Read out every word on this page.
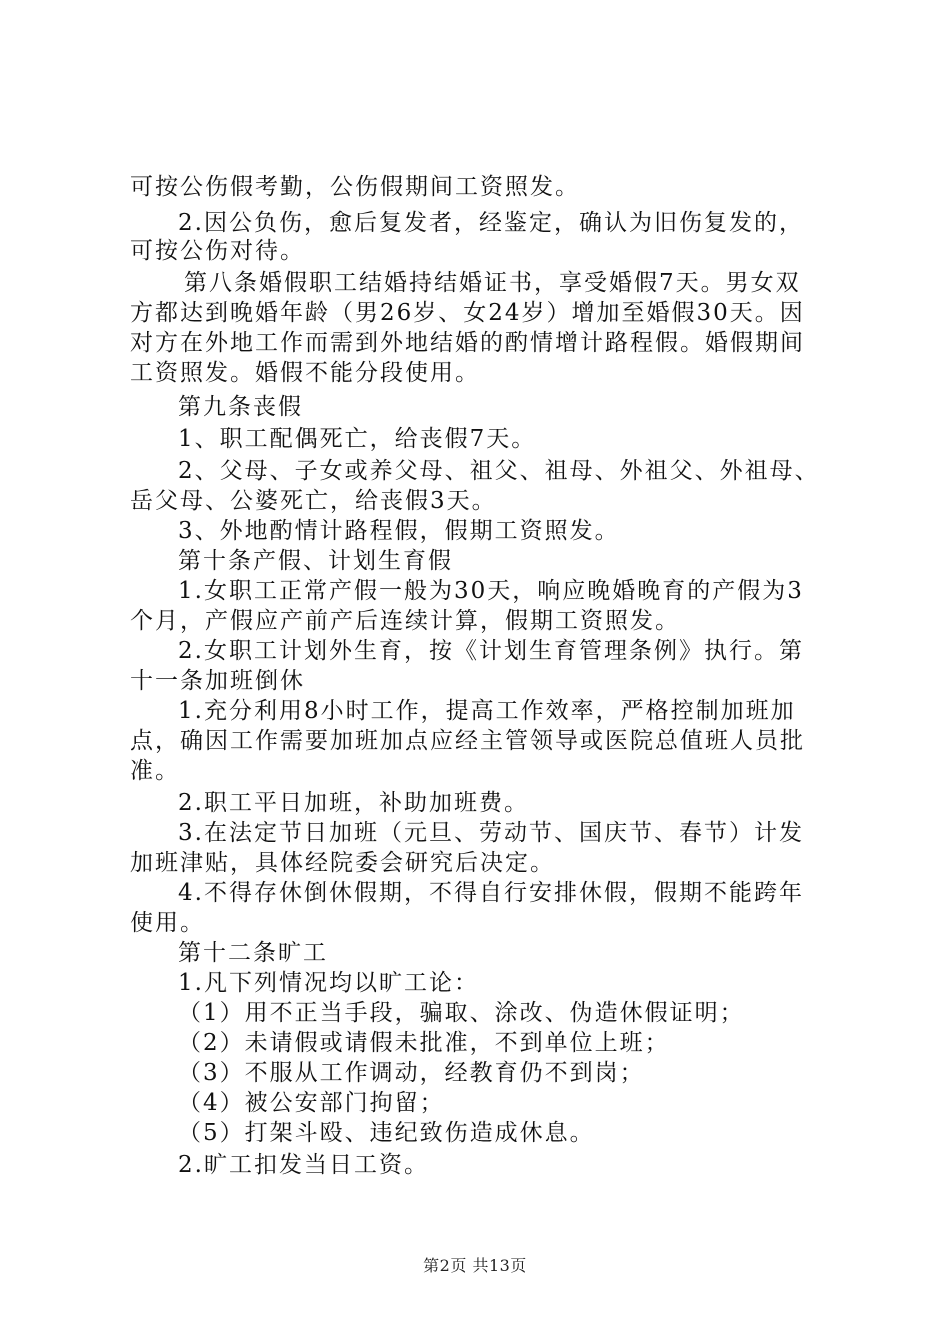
可按公伤假考勤，公伤假期间工资照发。
2.因公负伤，愈后复发者，经鉴定，确认为旧伤复发的，
可按公伤对待。
第八条婚假职工结婚持结婚证书，享受婚假7天。男女双
方都达到晚婚年龄（男26岁、女24岁）增加至婚假30天。因
对方在外地工作而需到外地结婚的酌情增计路程假。婚假期间
工资照发。婚假不能分段使用。
第九条丧假
1、职工配偶死亡，给丧假7天。
2、父母、子女或养父母、祖父、祖母、外祖父、外祖母、
岳父母、公婆死亡，给丧假3天。
3、外地酌情计路程假，假期工资照发。
第十条产假、计划生育假
1.女职工正常产假一般为30天，响应晚婚晚育的产假为3
个月，产假应产前产后连续计算，假期工资照发。
2.女职工计划外生育，按《计划生育管理条例》执行。第
十一条加班倒休
1.充分利用8小时工作，提高工作效率，严格控制加班加
点，确因工作需要加班加点应经主管领导或医院总值班人员批
准。
2.职工平日加班，补助加班费。
3.在法定节日加班（元旦、劳动节、国庆节、春节）计发
加班津贴，具体经院委会研究后决定。
4.不得存休倒休假期，不得自行安排休假，假期不能跨年
使用。
第十二条旷工
1.凡下列情况均以旷工论：
（1）用不正当手段，骗取、涂改、伪造休假证明；
（2）未请假或请假未批准，不到单位上班；
（3）不服从工作调动，经教育仍不到岗；
（4）被公安部门拘留；
（5）打架斗殴、违纪致伤造成休息。
2.旷工扣发当日工资。
第2页 共13页
